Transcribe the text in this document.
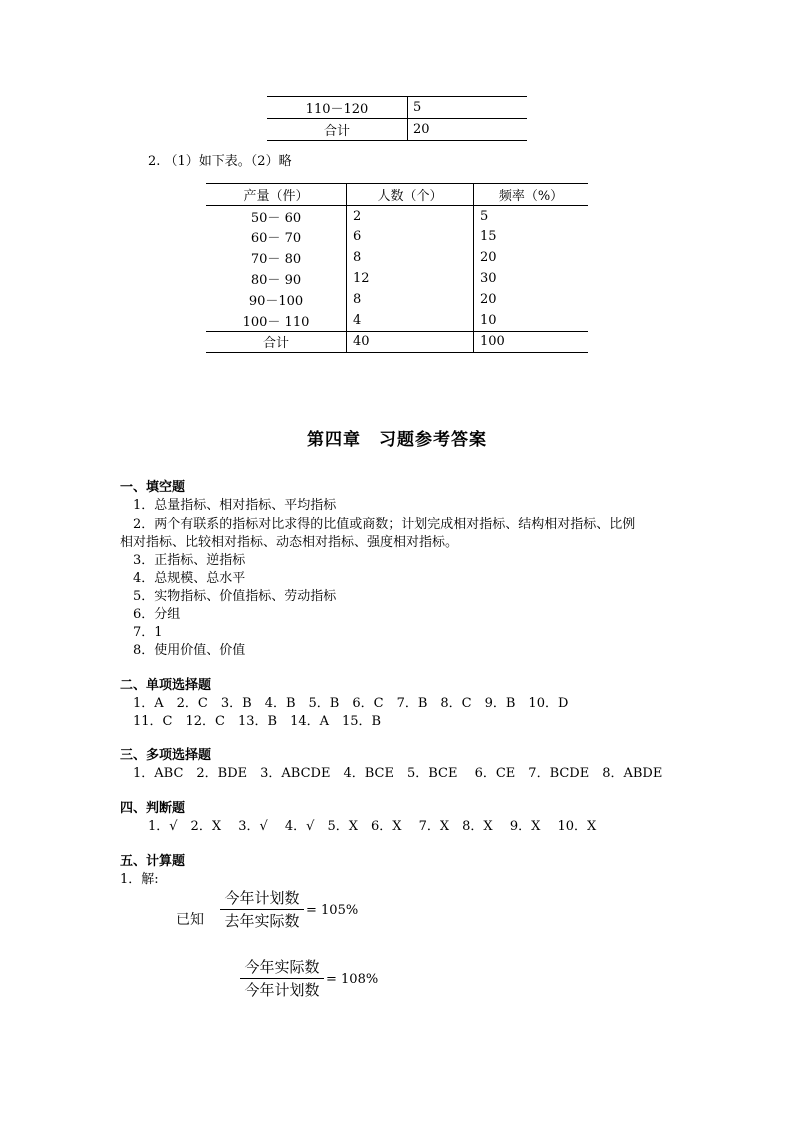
110－120	5
合计	20
2. （1）如下表。（2）略
产量（件）	人数（个）	频率（%）
50－ 60	2	5
60－ 70	6	15
70－ 80	8	20
80－ 90	12	30
90－100	8	20
100－ 110	4	10
合计	40	100
第四章　习题参考答案
一、填空题
1．总量指标、相对指标、平均指标
2．两个有联系的指标对比求得的比值或商数；计划完成相对指标、结构相对指标、比例
相对指标、比较相对指标、动态相对指标、强度相对指标。
3．正指标、逆指标
4．总规模、总水平
5．实物指标、价值指标、劳动指标
6．分组
7．1
8．使用价值、价值
二、单项选择题
1．A　2．C　3．B　4．B　5．B　6．C　7．B　8．C　9．B　10．D
11．C　12．C　13．B　14．A　15．B
三、多项选择题
1．ABC　2．BDE　3．ABCDE　4．BCE　5．BCE　 6．CE　7．BCDE　8．ABDE
四、判断题
1．√　2．X　 3．√　 4．√　5．X　6．X　 7．X　8．X　 9．X　 10．X
五、计算题
1．解:
已知
今年计划数
去年实际数
= 105%
今年实际数
今年计划数
= 108%
